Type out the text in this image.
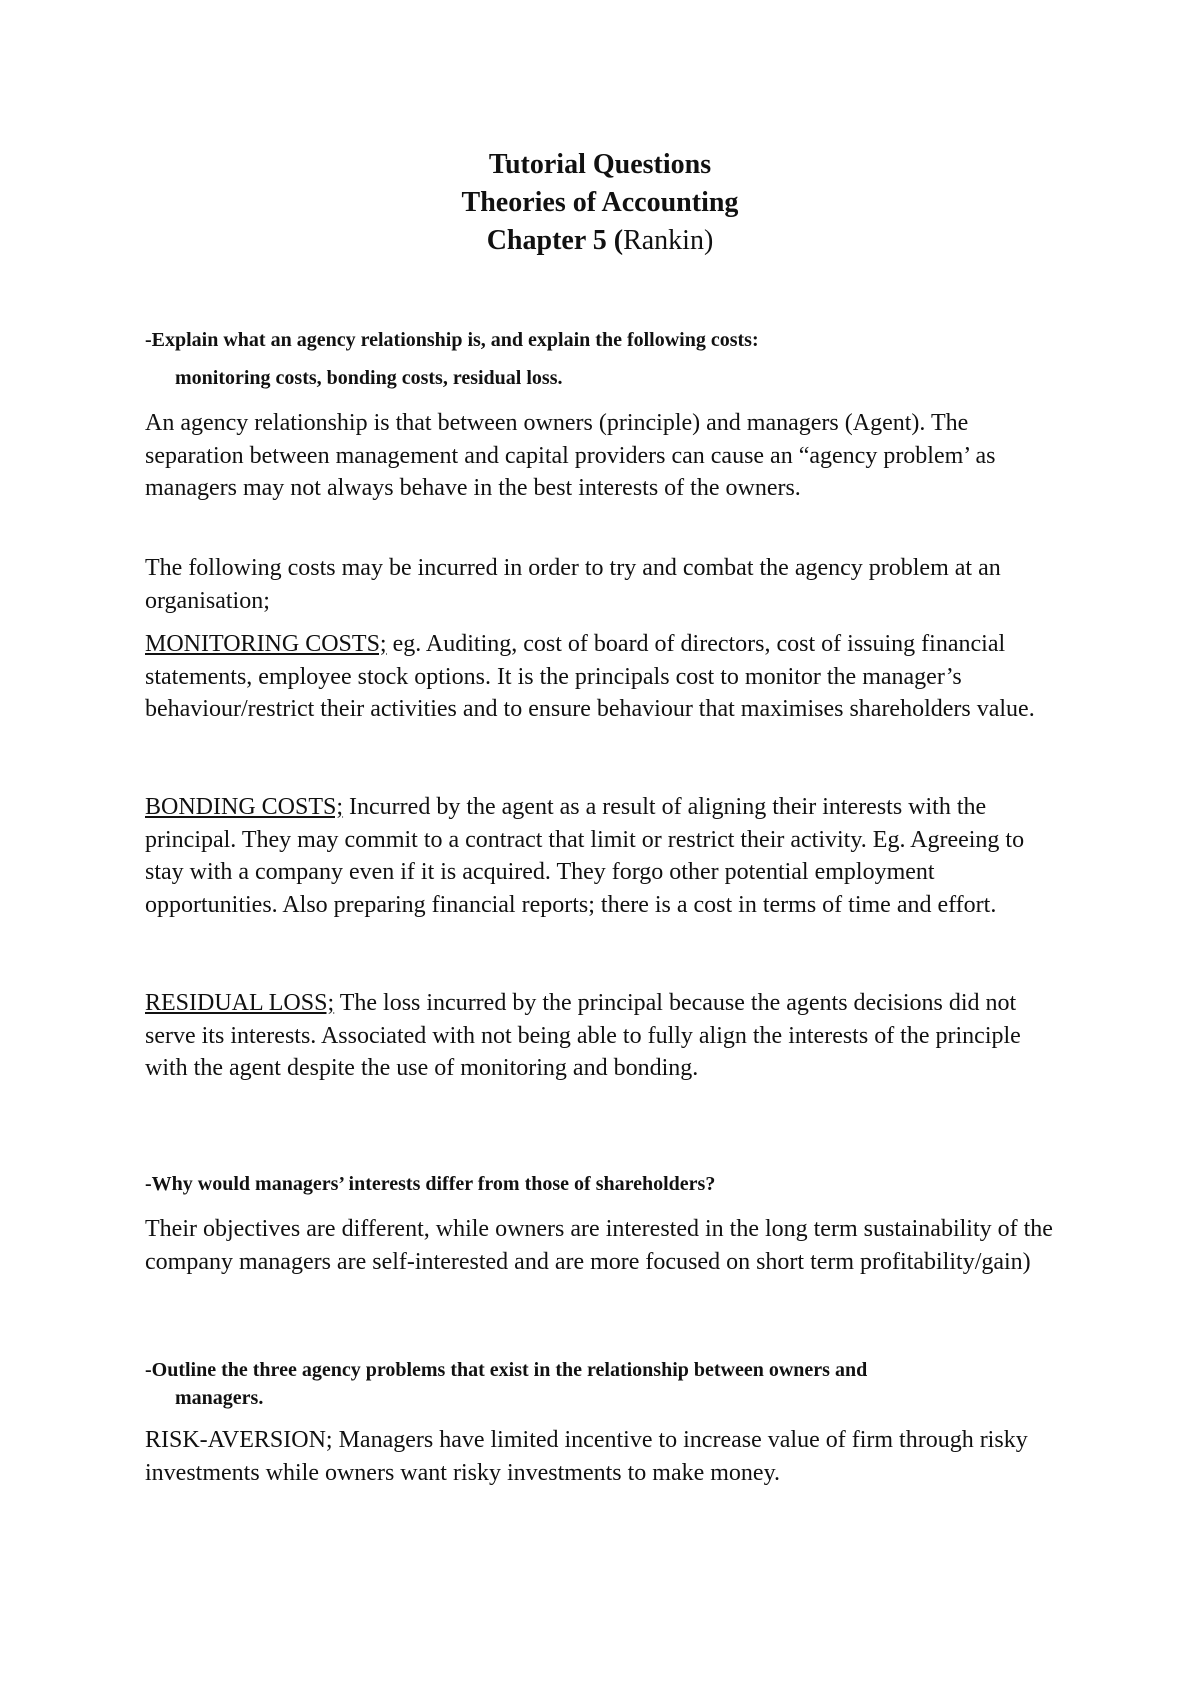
Tutorial Questions
Theories of Accounting
Chapter 5 (Rankin)
-Explain what an agency relationship is, and explain the following costs:
monitoring costs, bonding costs, residual loss.
An agency relationship is that between owners (principle) and managers (Agent). The separation between management and capital providers can cause an “agency problem’ as managers may not always behave in the best interests of the owners.
The following costs may be incurred in order to try and combat the agency problem at an organisation;
MONITORING COSTS; eg. Auditing, cost of board of directors, cost of issuing financial statements, employee stock options. It is the principals cost to monitor the manager’s behaviour/restrict their activities and to ensure behaviour that maximises shareholders value.
BONDING COSTS; Incurred by the agent as a result of aligning their interests with the principal. They may commit to a contract that limit or restrict their activity. Eg. Agreeing to stay with a company even if it is acquired. They forgo other potential employment opportunities. Also preparing financial reports; there is a cost in terms of time and effort.
RESIDUAL LOSS; The loss incurred by the principal because the agents decisions did not serve its interests. Associated with not being able to fully align the interests of the principle with the agent despite the use of monitoring and bonding.
-Why would managers’ interests differ from those of shareholders?
Their objectives are different, while owners are interested in the long term sustainability of the company managers are self-interested and are more focused on short term profitability/gain)
-Outline the three agency problems that exist in the relationship between owners and
managers.
RISK-AVERSION; Managers have limited incentive to increase value of firm through risky investments while owners want risky investments to make money.
